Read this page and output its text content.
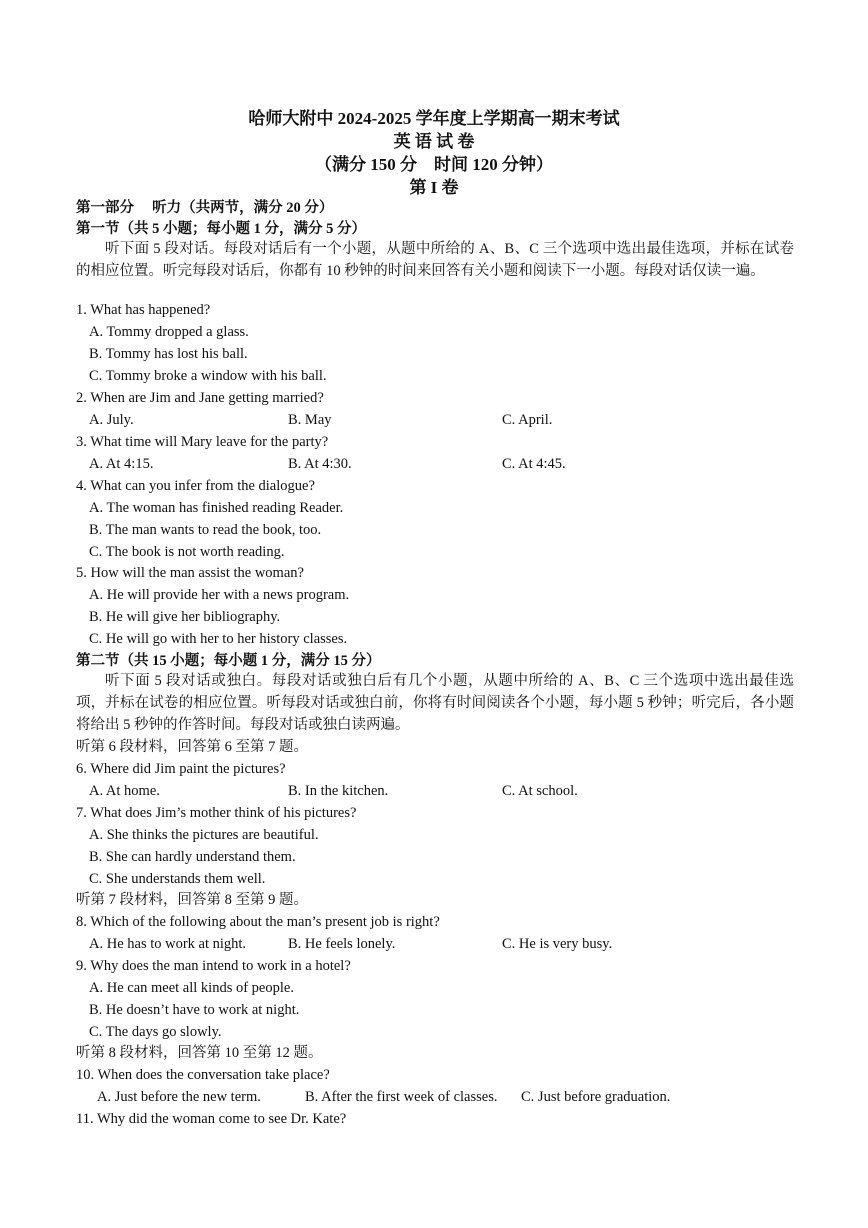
哈师大附中 2024-2025 学年度上学期高一期末考试
英 语 试 卷
（满分 150 分　时间 120 分钟）
第 I 卷
第一部分　 听力（共两节，满分 20 分）
第一节（共 5 小题；每小题 1 分，满分 5 分）
听下面 5 段对话。每段对话后有一个小题，从题中所给的 A、B、C 三个选项中选出最佳选项，并标在试卷的相应位置。听完每段对话后，你都有 10 秒钟的时间来回答有关小题和阅读下一小题。每段对话仅读一遍。
1. What has happened?
A. Tommy dropped a glass.
B. Tommy has lost his ball.
C. Tommy broke a window with his ball.
2. When are Jim and Jane getting married?
A. July.	B. May	C. April.
3. What time will Mary leave for the party?
A. At 4:15.	B. At 4:30.	C. At 4:45.
4. What can you infer from the dialogue?
A. The woman has finished reading Reader.
B. The man wants to read the book, too.
C. The book is not worth reading.
5. How will the man assist the woman?
A. He will provide her with a news program.
B. He will give her bibliography.
C. He will go with her to her history classes.
第二节（共 15 小题；每小题 1 分，满分 15 分）
听下面 5 段对话或独白。每段对话或独白后有几个小题，从题中所给的 A、B、C 三个选项中选出最佳选项，并标在试卷的相应位置。听每段对话或独白前，你将有时间阅读各个小题，每小题 5 秒钟；听完后，各小题将给出 5 秒钟的作答时间。每段对话或独白读两遍。
听第 6 段材料，回答第 6 至第 7 题。
6. Where did Jim paint the pictures?
A. At home.	B. In the kitchen.	C. At school.
7. What does Jim’s mother think of his pictures?
A. She thinks the pictures are beautiful.
B. She can hardly understand them.
C. She understands them well.
听第 7 段材料，回答第 8 至第 9 题。
8. Which of the following about the man’s present job is right?
A. He has to work at night.	B. He feels lonely.	C. He is very busy.
9. Why does the man intend to work in a hotel?
A. He can meet all kinds of people.
B. He doesn’t have to work at night.
C. The days go slowly.
听第 8 段材料，回答第 10 至第 12 题。
10. When does the conversation take place?
A. Just before the new term.	B. After the first week of classes. C. Just before graduation.
11. Why did the woman come to see Dr. Kate?
